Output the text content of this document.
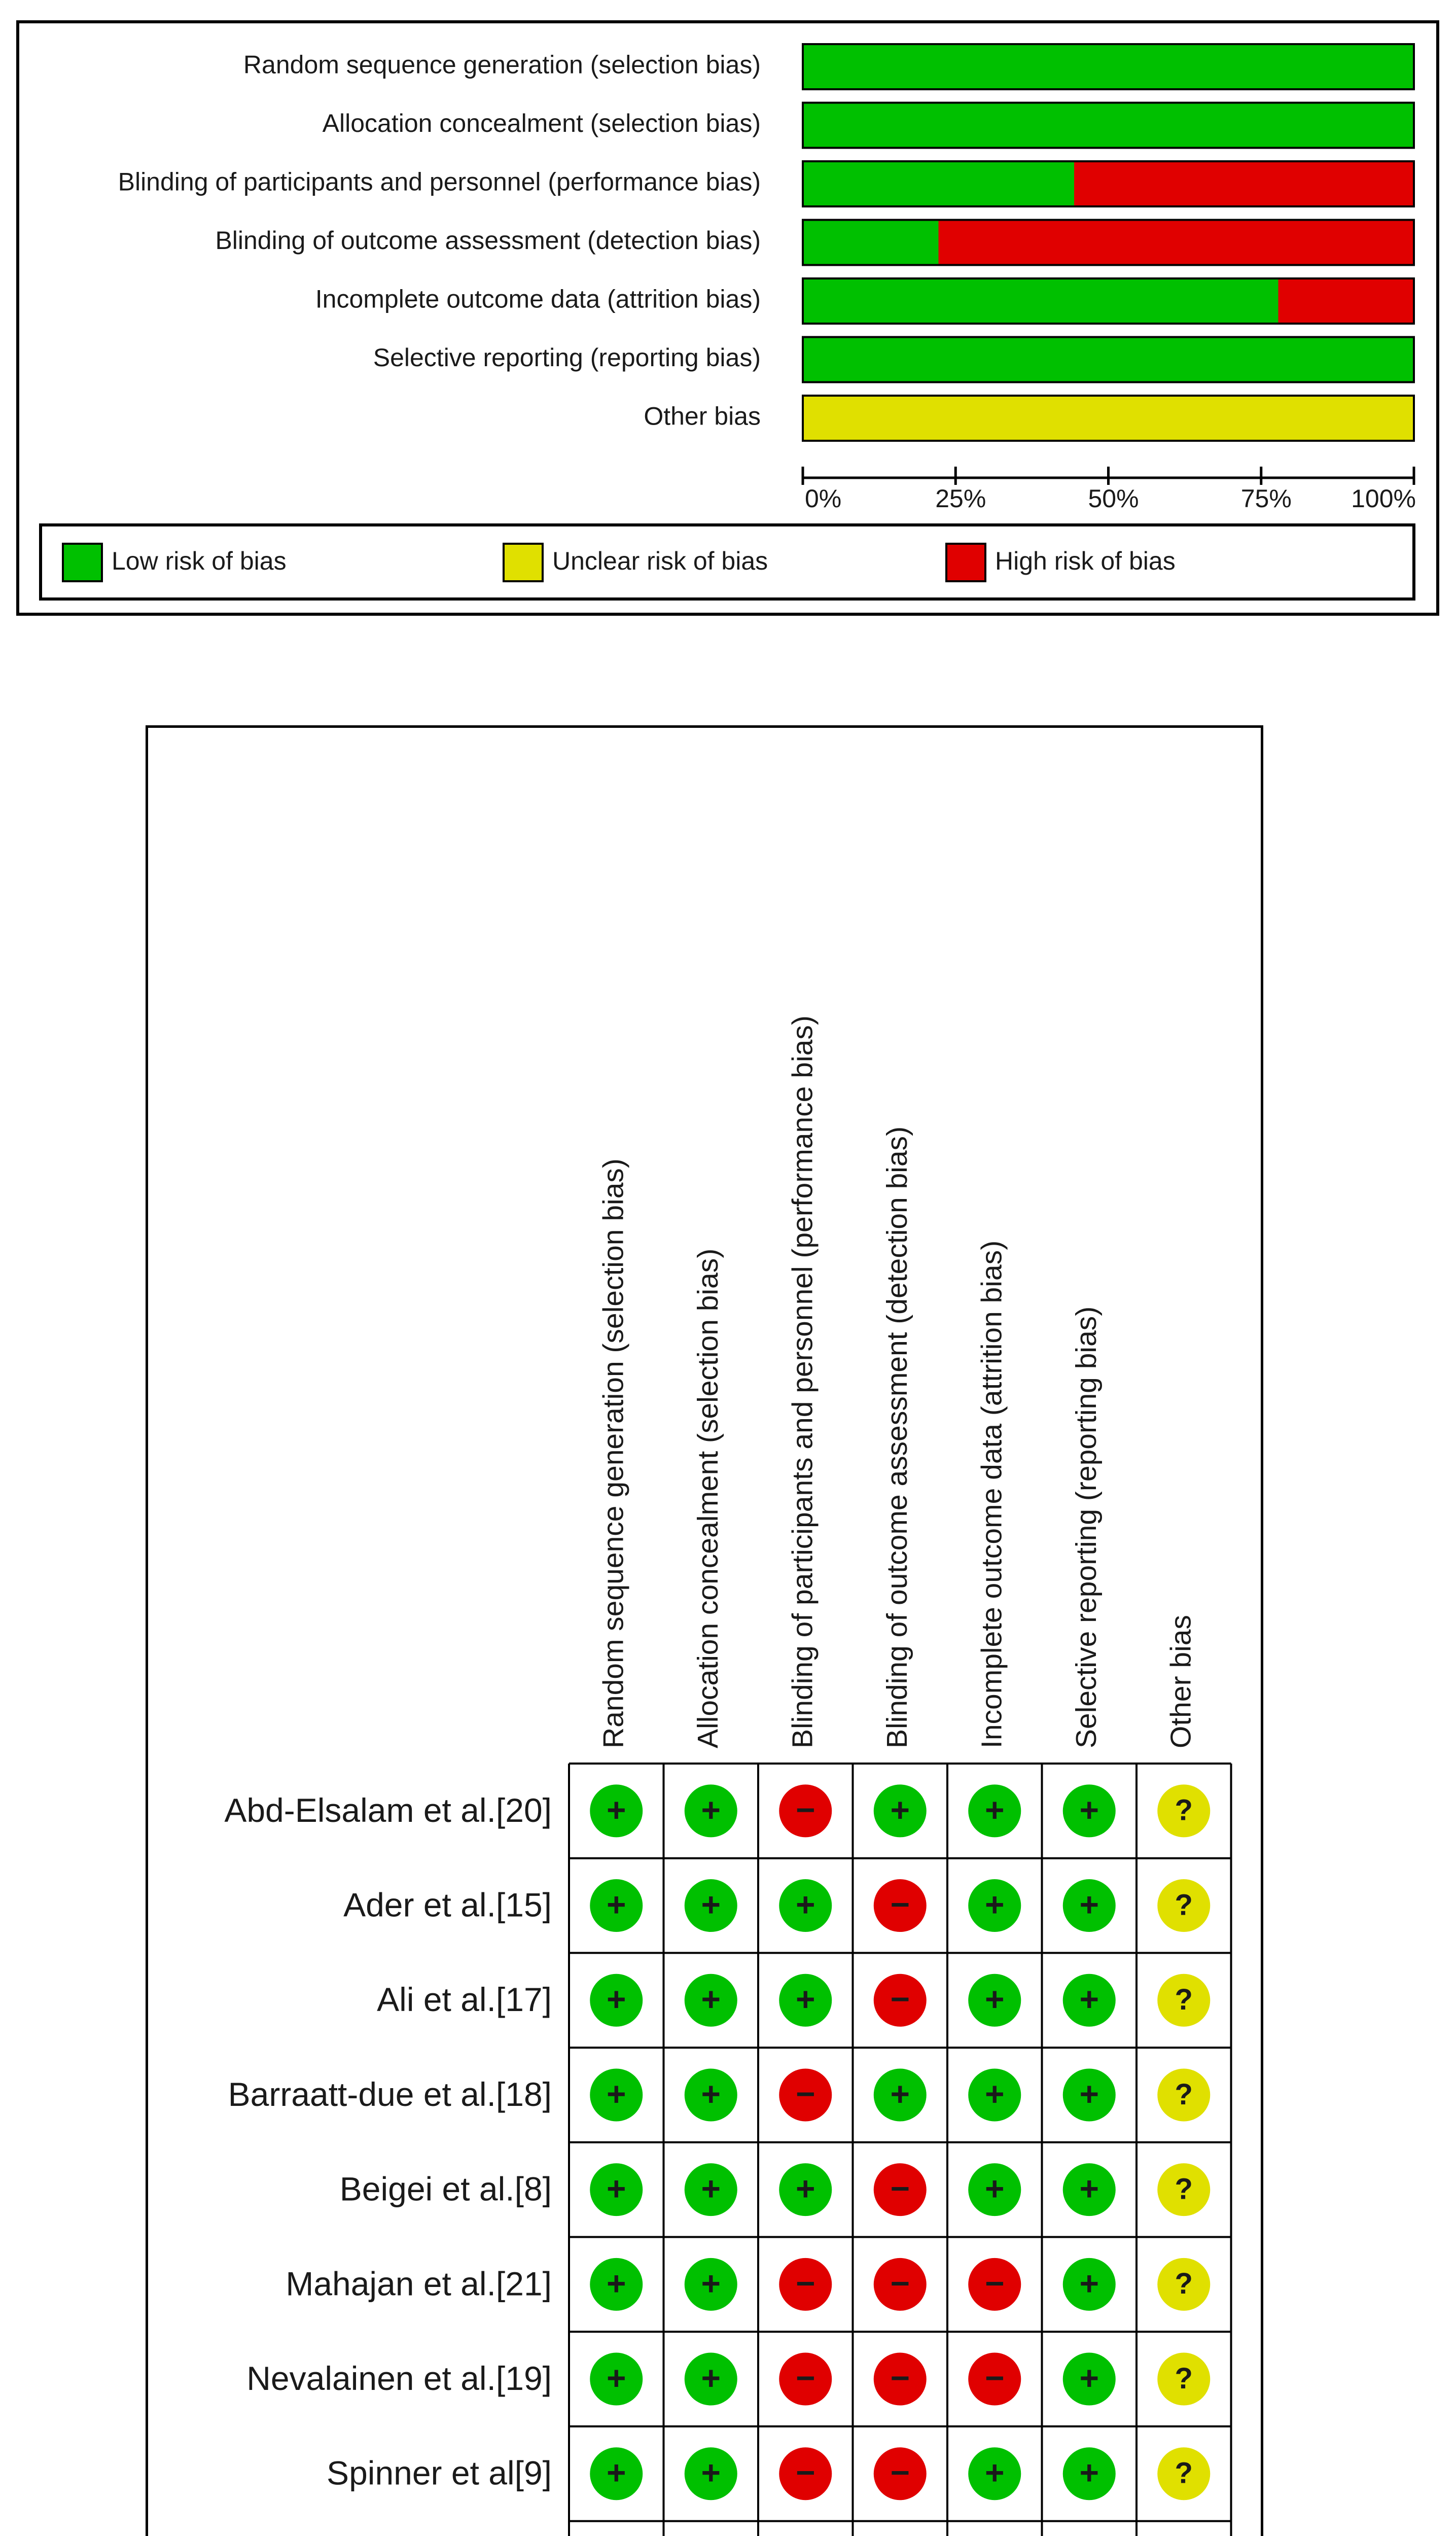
Random sequence generation (selection bias)
Allocation concealment (selection bias)
Blinding of participants and personnel (performance bias)
Blinding of outcome assessment (detection bias)
Incomplete outcome data (attrition bias)
Selective reporting (reporting bias)
Other bias
0%	25%	50%	75% 100%
Low risk of bias	Unclear risk of bias	High risk of bias
Random sequence generation (selection bias) Allocation concealment (selection bias) Blinding of participants and personnel (performance bias) Blinding of outcome assessment (detection bias) Incomplete outcome data (attrition bias) Selective reporting (reporting bias) Other bias
Abd-Elsalam et al.[20] + + − + + +	?
Ader et al.[15] + + + − + +	?
Ali et al.[17] + + + − + +	?
Barraatt-due et al.[18] + + − + + +	?
Beigei et al.[8] + + + − + +	?
Mahajan et al.[21] + + − − − +	?
Nevalainen et al.[19] + + − − − +	?
Spinner et al[9] + + − − + +	?
